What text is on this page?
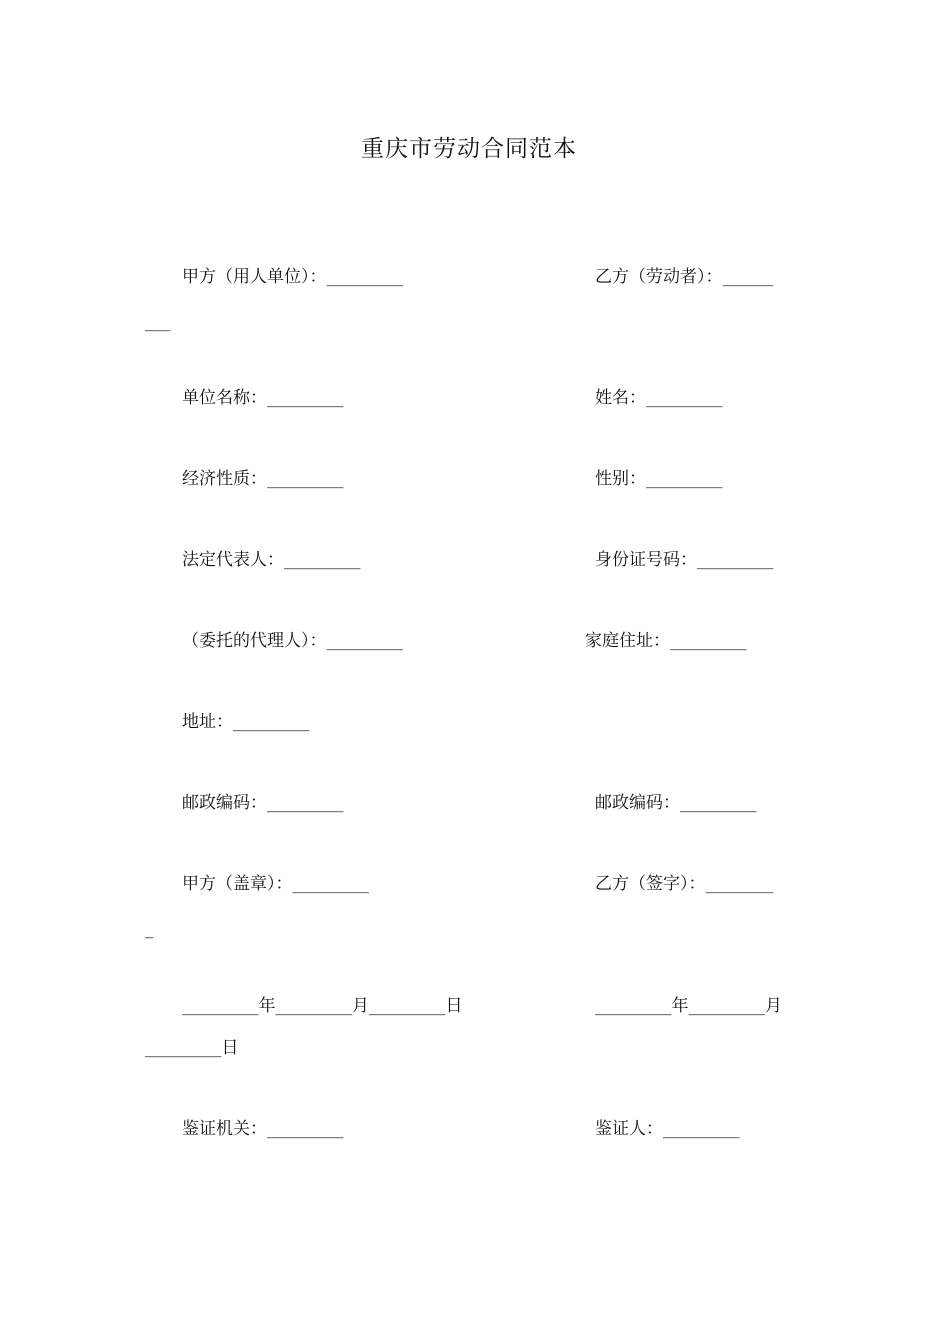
重庆市劳动合同范本
甲方（用人单位）：_________	乙方（劳动者）：______
___
单位名称：_________	姓名：_________
经济性质：_________	性别：_________
法定代表人：_________	身份证号码：_________
（委托的代理人）：_________	家庭住址：_________
地址：_________
邮政编码：_________	邮政编码：_________
甲方（盖章）：_________	乙方（签字）：________
_
_________年_________月_________日	_________年_________月
_________日
鉴证机关：_________	鉴证人：_________
